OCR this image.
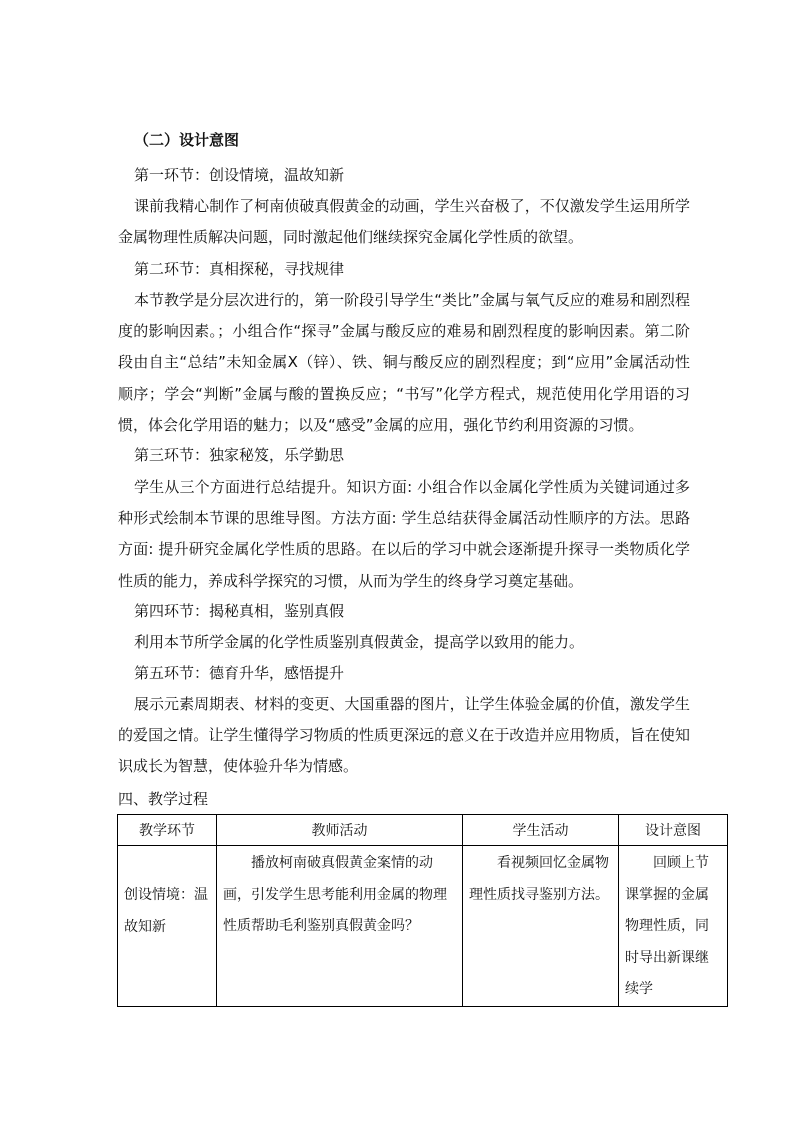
（二）设计意图
第一环节：创设情境，温故知新
课前我精心制作了柯南侦破真假黄金的动画，学生兴奋极了，不仅激发学生运用所学金属物理性质解决问题，同时激起他们继续探究金属化学性质的欲望。
第二环节：真相探秘，寻找规律
本节教学是分层次进行的，第一阶段引导学生“类比”金属与氧气反应的难易和剧烈程度的影响因素。；小组合作“探寻”金属与酸反应的难易和剧烈程度的影响因素。第二阶段由自主“总结”未知金属X（锌）、铁、铜与酸反应的剧烈程度；到“应用”金属活动性顺序；学会“判断”金属与酸的置换反应；“书写”化学方程式，规范使用化学用语的习惯，体会化学用语的魅力；以及“感受”金属的应用，强化节约利用资源的习惯。
第三环节：独家秘笈，乐学勤思
学生从三个方面进行总结提升。知识方面: 小组合作以金属化学性质为关键词通过多种形式绘制本节课的思维导图。方法方面: 学生总结获得金属活动性顺序的方法。思路方面: 提升研究金属化学性质的思路。在以后的学习中就会逐渐提升探寻一类物质化学性质的能力，养成科学探究的习惯，从而为学生的终身学习奠定基础。
第四环节：揭秘真相，鉴别真假
利用本节所学金属的化学性质鉴别真假黄金，提高学以致用的能力。
第五环节：德育升华，感悟提升
展示元素周期表、材料的变更、大国重器的图片，让学生体验金属的价值，激发学生的爱国之情。让学生懂得学习物质的性质更深远的意义在于改造并应用物质，旨在使知识成长为智慧，使体验升华为情感。
四、教学过程
教学环节	教师活动	学生活动	设计意图
创设情境：温故知新	播放柯南破真假黄金案情的动画，引发学生思考能利用金属的物理性质帮助毛利鉴别真假黄金吗？	看视频回忆金属物理性质找寻鉴别方法。	回顾上节课掌握的金属物理性质，同时导出新课继续学
